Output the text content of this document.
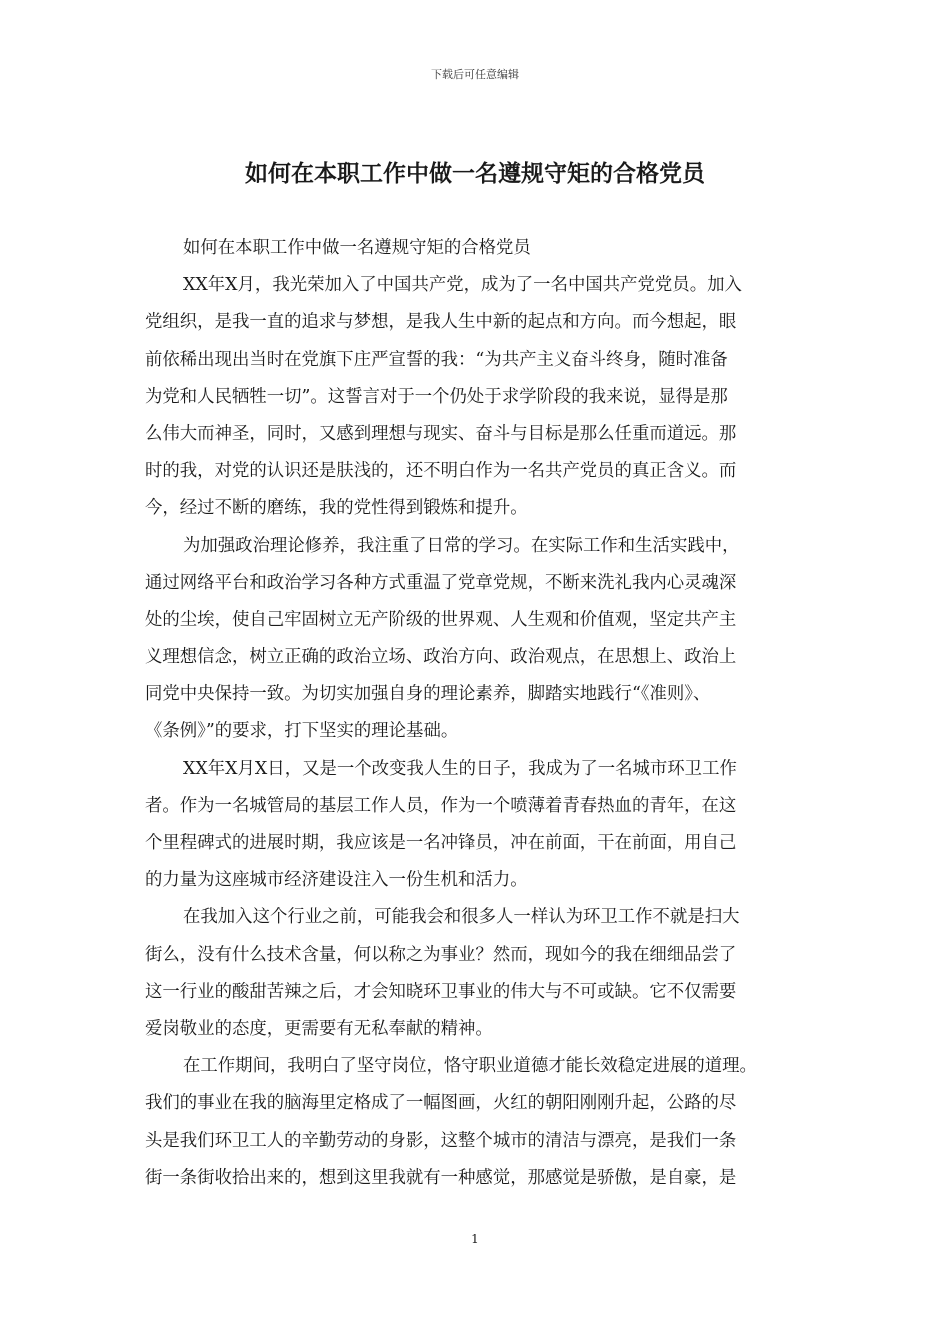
下载后可任意编辑
如何在本职工作中做一名遵规守矩的合格党员
如何在本职工作中做一名遵规守矩的合格党员
XX年X月，我光荣加入了中国共产党，成为了一名中国共产党党员。加入
党组织，是我一直的追求与梦想，是我人生中新的起点和方向。而今想起，眼
前依稀出现出当时在党旗下庄严宣誓的我：“为共产主义奋斗终身，随时准备
为党和人民牺牲一切”。这誓言对于一个仍处于求学阶段的我来说，显得是那
么伟大而神圣，同时，又感到理想与现实、奋斗与目标是那么任重而道远。那
时的我，对党的认识还是肤浅的，还不明白作为一名共产党员的真正含义。而
今，经过不断的磨练，我的党性得到锻炼和提升。
为加强政治理论修养，我注重了日常的学习。在实际工作和生活实践中，
通过网络平台和政治学习各种方式重温了党章党规，不断来洗礼我内心灵魂深
处的尘埃，使自己牢固树立无产阶级的世界观、人生观和价值观，坚定共产主
义理想信念，树立正确的政治立场、政治方向、政治观点，在思想上、政治上
同党中央保持一致。为切实加强自身的理论素养，脚踏实地践行“《准则》、
《条例》”的要求，打下坚实的理论基础。
XX年X月X日，又是一个改变我人生的日子，我成为了一名城市环卫工作
者。作为一名城管局的基层工作人员，作为一个喷薄着青春热血的青年，在这
个里程碑式的进展时期，我应该是一名冲锋员，冲在前面，干在前面，用自己
的力量为这座城市经济建设注入一份生机和活力。
在我加入这个行业之前，可能我会和很多人一样认为环卫工作不就是扫大
街么，没有什么技术含量，何以称之为事业？然而，现如今的我在细细品尝了
这一行业的酸甜苦辣之后，才会知晓环卫事业的伟大与不可或缺。它不仅需要
爱岗敬业的态度，更需要有无私奉献的精神。
在工作期间，我明白了坚守岗位，恪守职业道德才能长效稳定进展的道理。
我们的事业在我的脑海里定格成了一幅图画，火红的朝阳刚刚升起，公路的尽
头是我们环卫工人的辛勤劳动的身影，这整个城市的清洁与漂亮，是我们一条
街一条街收拾出来的，想到这里我就有一种感觉，那感觉是骄傲，是自豪，是
1
